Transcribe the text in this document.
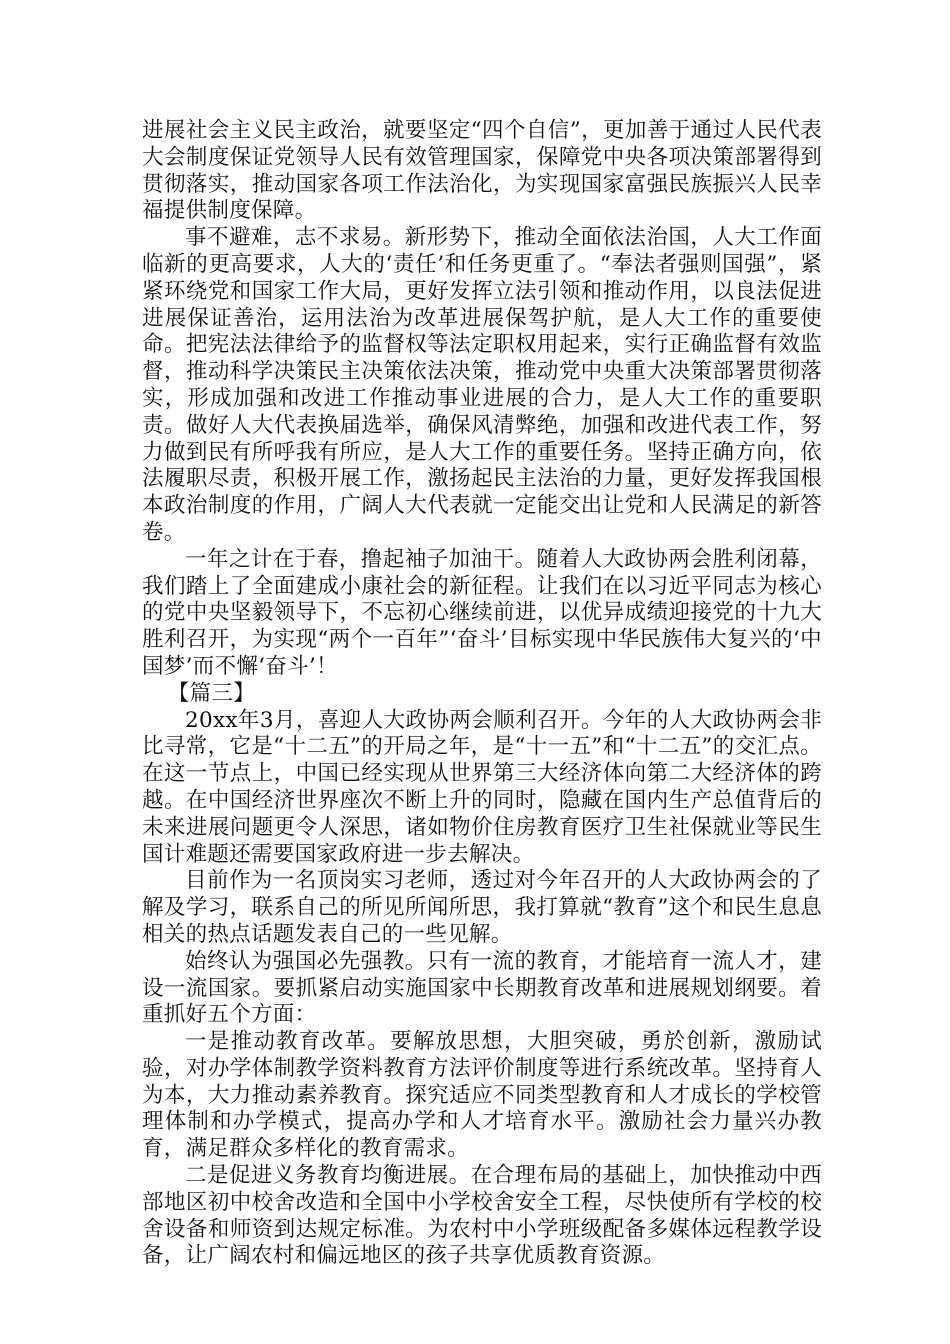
进展社会主义民主政治，就要坚定“四个自信”，更加善于通过人民代表大会制度保证党领导人民有效管理国家，保障党中央各项决策部署得到贯彻落实，推动国家各项工作法治化，为实现国家富强民族振兴人民幸福提供制度保障。

事不避难，志不求易。新形势下，推动全面依法治国，人大工作面临新的更高要求，人大的‘责任’和任务更重了。“奉法者强则国强”，紧紧环绕党和国家工作大局，更好发挥立法引领和推动作用，以良法促进进展保证善治，运用法治为改革进展保驾护航，是人大工作的重要使命。把宪法法律给予的监督权等法定职权用起来，实行正确监督有效监督，推动科学决策民主决策依法决策，推动党中央重大决策部署贯彻落实，形成加强和改进工作推动事业进展的合力，是人大工作的重要职责。做好人大代表换届选举，确保风清弊绝，加强和改进代表工作，努力做到民有所呼我有所应，是人大工作的重要任务。坚持正确方向，依法履职尽责，积极开展工作，激扬起民主法治的力量，更好发挥我国根本政治制度的作用，广阔人大代表就一定能交出让党和人民满足的新答卷。

一年之计在于春，撸起袖子加油干。随着人大政协两会胜利闭幕，我们踏上了全面建成小康社会的新征程。让我们在以习近平同志为核心的党中央坚毅领导下，不忘初心继续前进，以优异成绩迎接党的十九大胜利召开，为实现“两个一百年”‘奋斗’目标实现中华民族伟大复兴的‘中国梦’而不懈‘奋斗’！

【篇三】

20xx年3月，喜迎人大政协两会顺利召开。今年的人大政协两会非比寻常，它是“十二五”的开局之年，是“十一五”和“十二五”的交汇点。在这一节点上，中国已经实现从世界第三大经济体向第二大经济体的跨越。在中国经济世界座次不断上升的同时，隐藏在国内生产总值背后的未来进展问题更令人深思，诸如物价住房教育医疗卫生社保就业等民生国计难题还需要国家政府进一步去解决。

目前作为一名顶岗实习老师，透过对今年召开的人大政协两会的了解及学习，联系自己的所见所闻所思，我打算就“教育”这个和民生息息相关的热点话题发表自己的一些见解。

始终认为强国必先强教。只有一流的教育，才能培育一流人才，建设一流国家。要抓紧启动实施国家中长期教育改革和进展规划纲要。着重抓好五个方面：

一是推动教育改革。要解放思想，大胆突破，勇於创新，激励试验，对办学体制教学资料教育方法评价制度等进行系统改革。坚持育人为本，大力推动素养教育。探究适应不同类型教育和人才成长的学校管理体制和办学模式，提高办学和人才培育水平。激励社会力量兴办教育，满足群众多样化的教育需求。

二是促进义务教育均衡进展。在合理布局的基础上，加快推动中西部地区初中校舍改造和全国中小学校舍安全工程，尽快使所有学校的校舍设备和师资到达规定标准。为农村中小学班级配备多媒体远程教学设备，让广阔农村和偏远地区的孩子共享优质教育资源。
